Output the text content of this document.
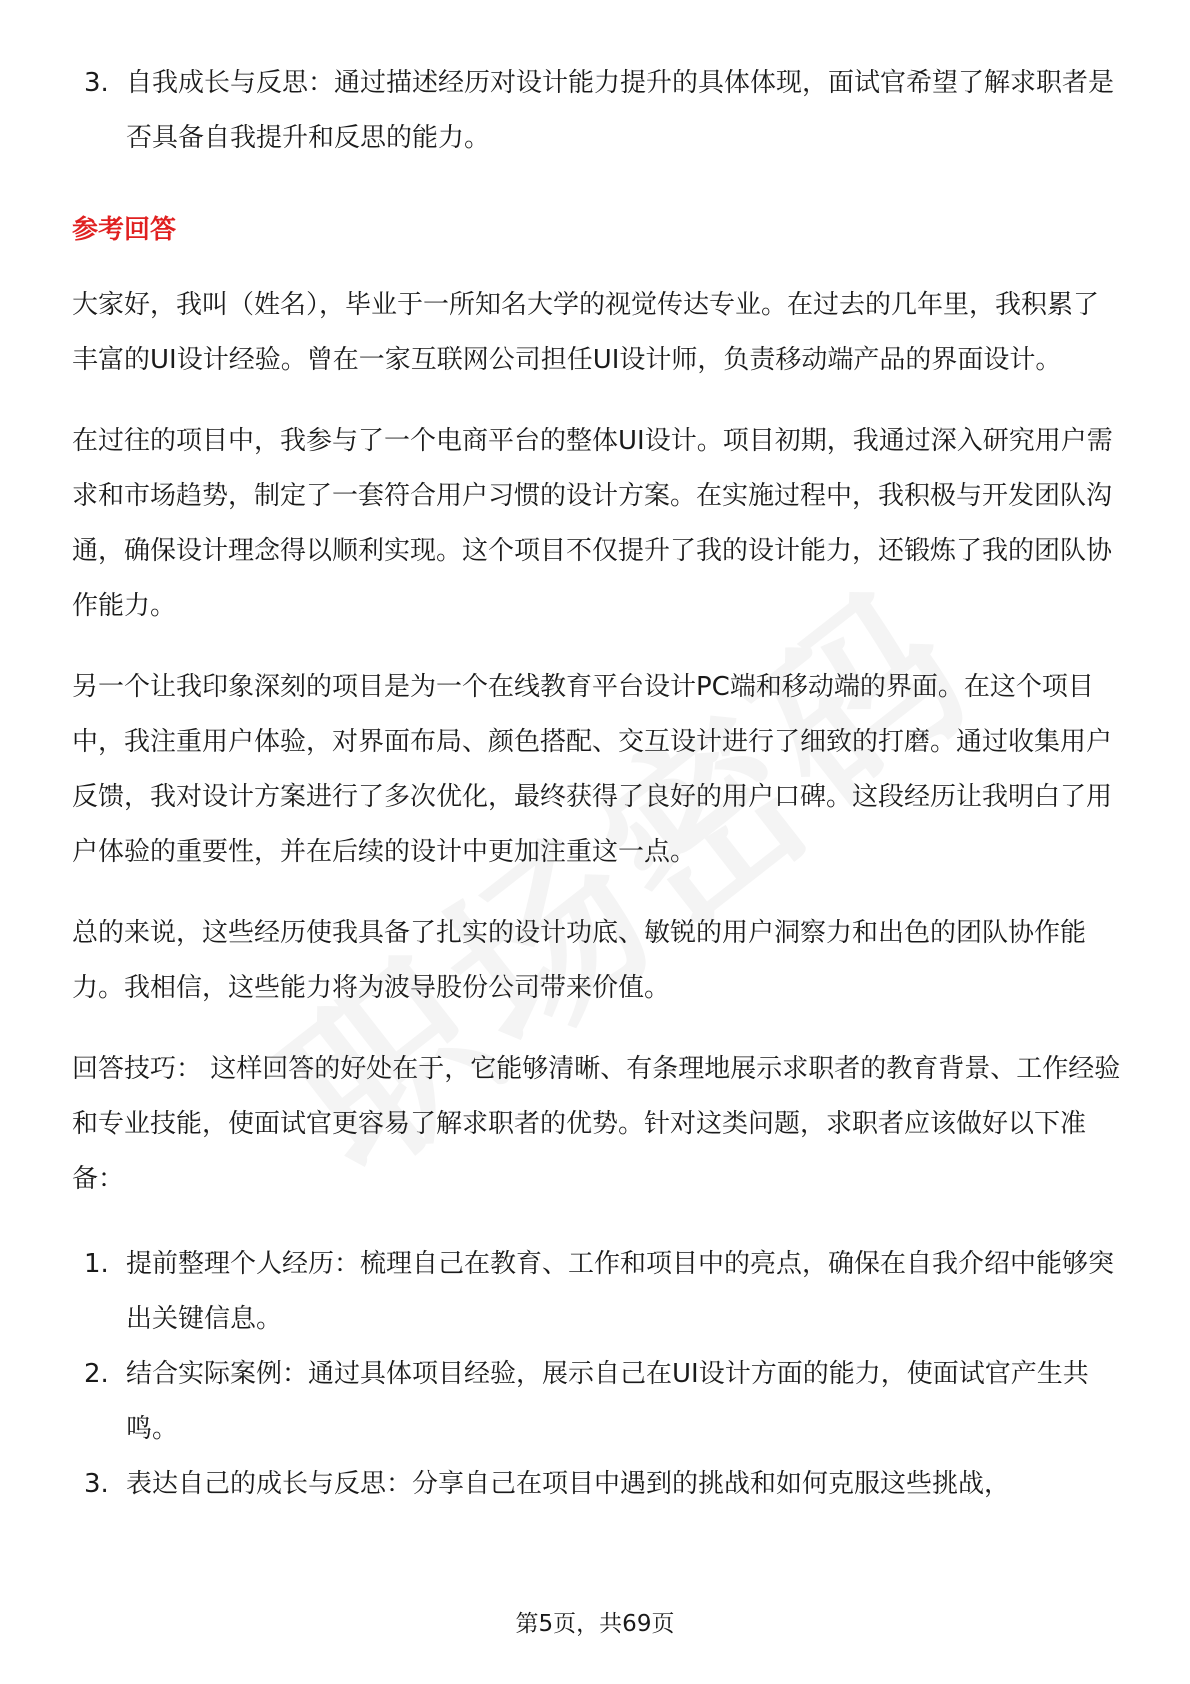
3. 自我成长与反思：通过描述经历对设计能力提升的具体体现，面试官希望了解求职者是否具备自我提升和反思的能力。
参考回答

大家好，我叫（姓名），毕业于一所知名大学的视觉传达专业。在过去的几年里，我积累了丰富的UI设计经验。曾在一家互联网公司担任UI设计师，负责移动端产品的界面设计。

在过往的项目中，我参与了一个电商平台的整体UI设计。项目初期，我通过深入研究用户需求和市场趋势，制定了一套符合用户习惯的设计方案。在实施过程中，我积极与开发团队沟通，确保设计理念得以顺利实现。这个项目不仅提升了我的设计能力，还锻炼了我的团队协作能力。

另一个让我印象深刻的项目是为一个在线教育平台设计PC端和移动端的界面。在这个项目中，我注重用户体验，对界面布局、颜色搭配、交互设计进行了细致的打磨。通过收集用户反馈，我对设计方案进行了多次优化，最终获得了良好的用户口碑。这段经历让我明白了用户体验的重要性，并在后续的设计中更加注重这一点。

总的来说，这些经历使我具备了扎实的设计功底、敏锐的用户洞察力和出色的团队协作能力。我相信，这些能力将为波导股份公司带来价值。

回答技巧： 这样回答的好处在于，它能够清晰、有条理地展示求职者的教育背景、工作经验和专业技能，使面试官更容易了解求职者的优势。针对这类问题，求职者应该做好以下准备：

1. 提前整理个人经历：梳理自己在教育、工作和项目中的亮点，确保在自我介绍中能够突出关键信息。
2. 结合实际案例：通过具体项目经验，展示自己在UI设计方面的能力，使面试官产生共鸣。
3. 表达自己的成长与反思：分享自己在项目中遇到的挑战和如何克服这些挑战，
第5页，共69页
